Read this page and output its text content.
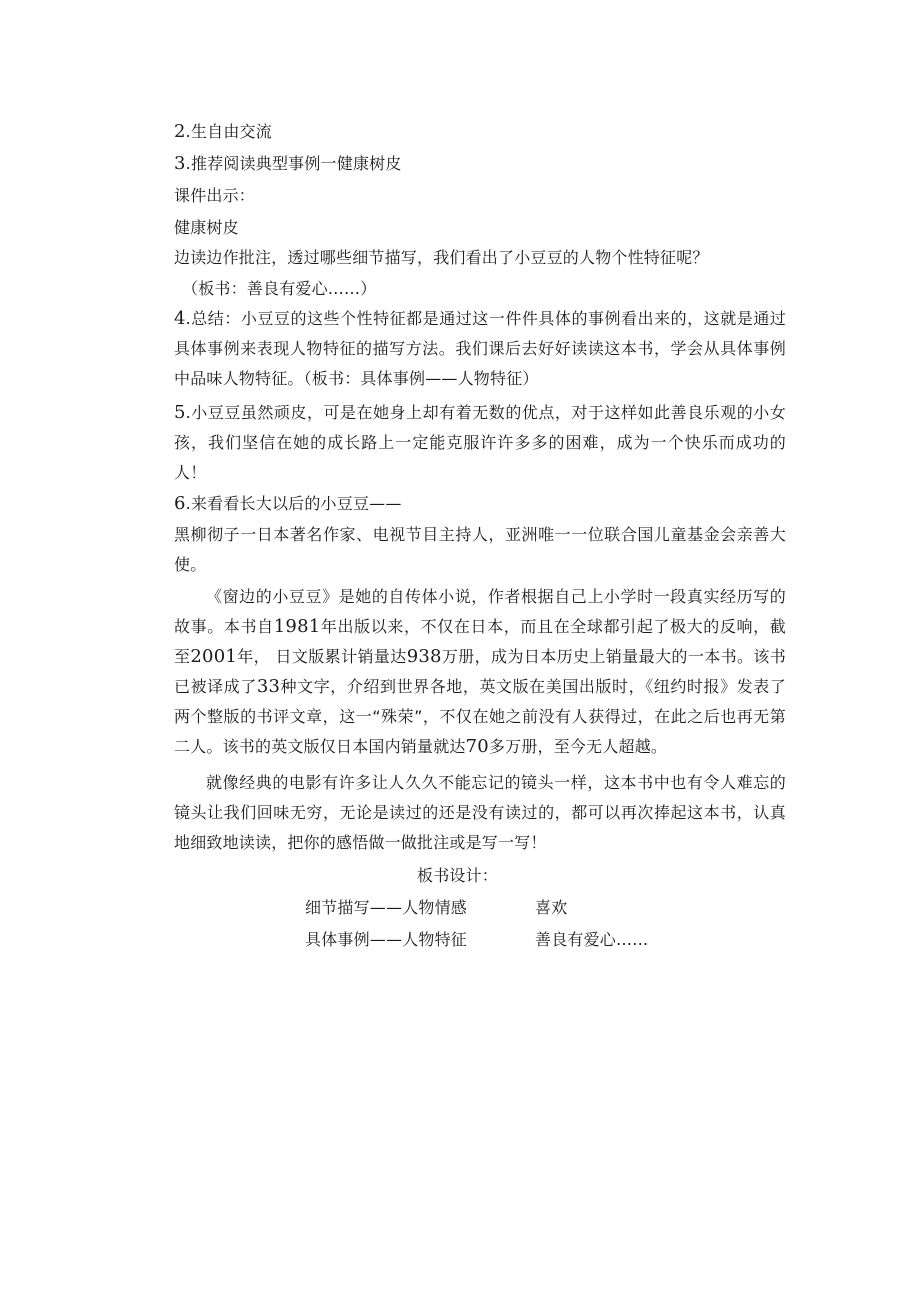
2.生自由交流
3.推荐阅读典型事例一健康树皮
课件出示：
健康树皮
边读边作批注，透过哪些细节描写，我们看出了小豆豆的人物个性特征呢？
（板书：善良有爱心……）
4.总结：小豆豆的这些个性特征都是通过这一件件具体的事例看出来的，这就是通过具体事例来表现人物特征的描写方法。我们课后去好好读读这本书，学会从具体事例中品味人物特征。（板书：具体事例——人物特征）
5.小豆豆虽然顽皮，可是在她身上却有着无数的优点，对于这样如此善良乐观的小女孩，我们坚信在她的成长路上一定能克服许许多多的困难，成为一个快乐而成功的人！
6.来看看长大以后的小豆豆——
黑柳彻子一日本著名作家、电视节目主持人，亚洲唯一一位联合国儿童基金会亲善大使。
《窗边的小豆豆》是她的自传体小说，作者根据自己上小学时一段真实经历写的故事。本书自1981年出版以来，不仅在日本，而且在全球都引起了极大的反响，截至2001年， 日文版累计销量达938万册，成为日本历史上销量最大的一本书。该书已被译成了33种文字，介绍到世界各地，英文版在美国出版时，《纽约时报》发表了两个整版的书评文章，这一“殊荣”，不仅在她之前没有人获得过，在此之后也再无第二人。该书的英文版仅日本国内销量就达70多万册，至今无人超越。
就像经典的电影有许多让人久久不能忘记的镜头一样，这本书中也有令人难忘的镜头让我们回味无穷，无论是读过的还是没有读过的，都可以再次捧起这本书，认真地细致地读读，把你的感悟做一做批注或是写一写！
板书设计：
细节描写——人物情感	喜欢
具体事例——人物特征	善良有爱心……
